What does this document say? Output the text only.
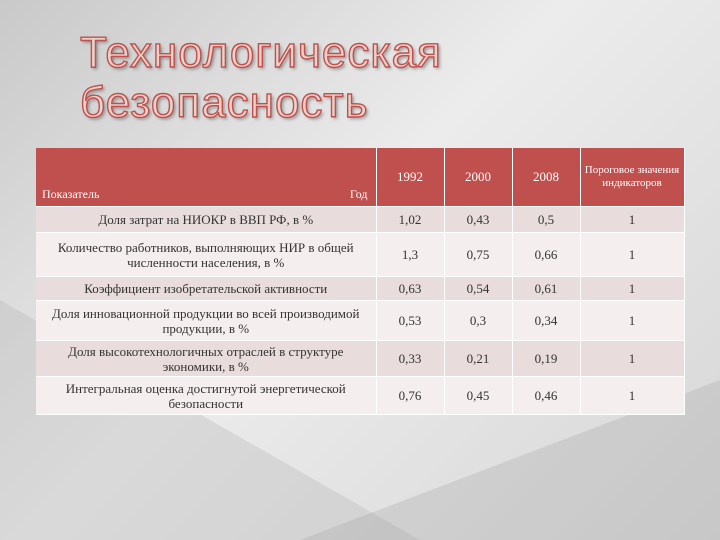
Технологическая
безопасность
Показатель Год	1992	2000	2008	Пороговое значения индикаторов
Доля затрат на НИОКР в ВВП РФ, в %	1,02	0,43	0,5	1
Количество работников, выполняющих НИР в общей численности населения, в %	1,3	0,75	0,66	1
Коэффициент изобретательской активности	0,63	0,54	0,61	1
Доля инновационной продукции во всей производимой продукции, в %	0,53	0,3	0,34	1
Доля высокотехнологичных отраслей в структуре экономики, в %	0,33	0,21	0,19	1
Интегральная оценка достигнутой энергетической безопасности	0,76	0,45	0,46	1
